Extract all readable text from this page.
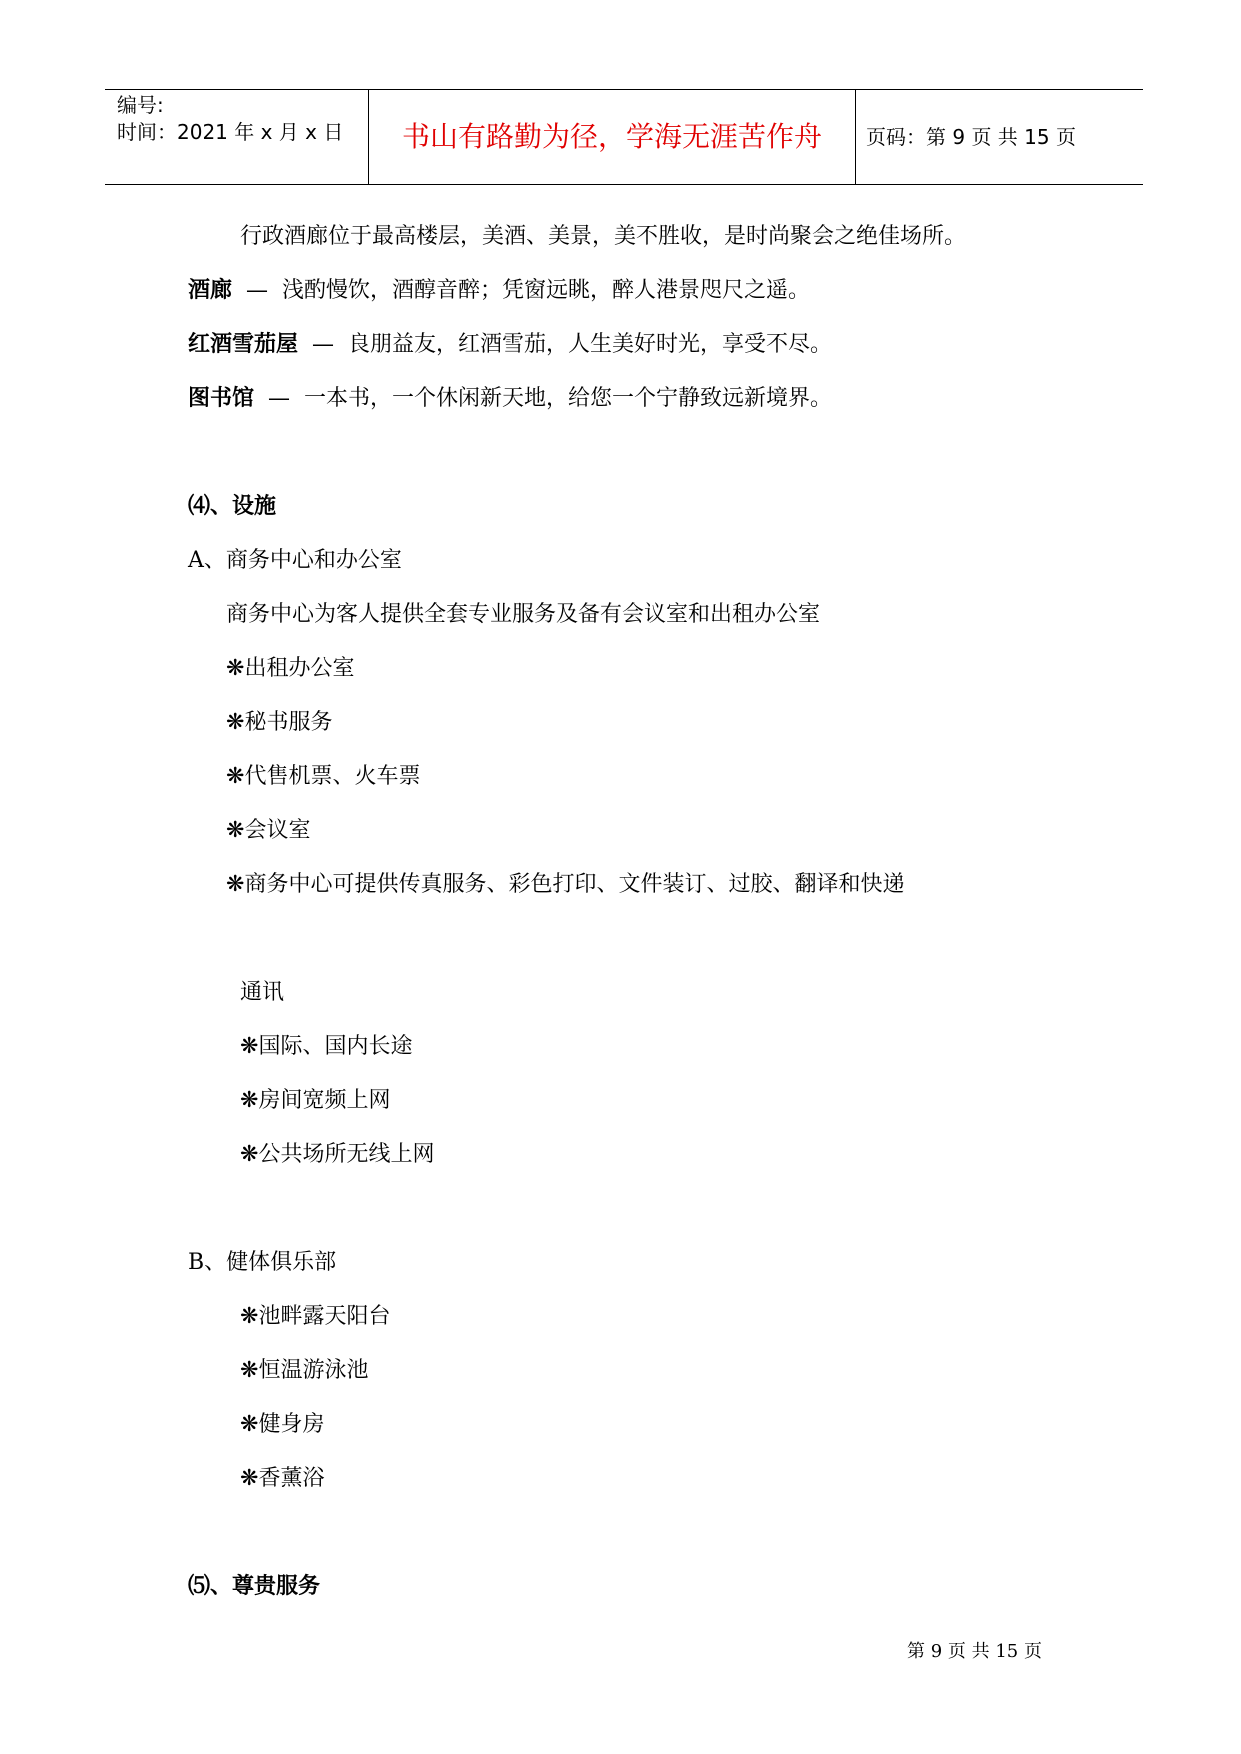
编号:
时间：2021 年 x 月 x 日	书山有路勤为径，学海无涯苦作舟	页码：第 9 页 共 15 页
行政酒廊位于最高楼层，美酒、美景，美不胜收，是时尚聚会之绝佳场所。
酒廊 — 浅酌慢饮，酒醇音醉；凭窗远眺，醉人港景咫尺之遥。
红酒雪茄屋 — 良朋益友，红酒雪茄，人生美好时光，享受不尽。
图书馆 — 一本书，一个休闲新天地，给您一个宁静致远新境界。
⑷、设施
A、商务中心和办公室
商务中心为客人提供全套专业服务及备有会议室和出租办公室
❋出租办公室
❋秘书服务
❋代售机票、火车票
❋会议室
❋商务中心可提供传真服务、彩色打印、文件装订、过胶、翻译和快递
通讯
❋国际、国内长途
❋房间宽频上网
❋公共场所无线上网
B、健体俱乐部
❋池畔露天阳台
❋恒温游泳池
❋健身房
❋香薰浴
⑸、尊贵服务
第 9 页 共 15 页
